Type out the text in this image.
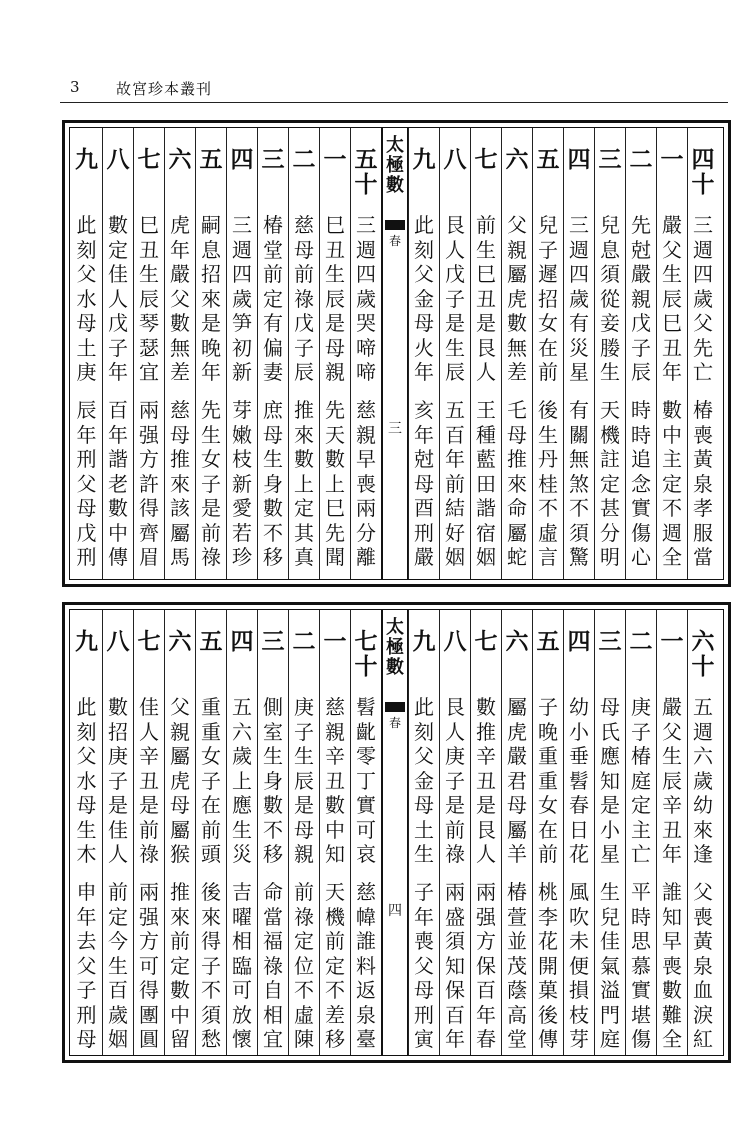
3 故宮珍本叢刊
九
此
刻
父
水
母
土
庚
辰
年
刑
父
母
戊
刑
八
數
定
佳
人
戊
子
年
百
年
諧
老
數
中
傳
七
巳
丑
生
辰
琴
瑟
宜
兩
强
方
許
得
齊
眉
六
虎
年
嚴
父
數
無
差
慈
母
推
來
該
屬
馬
五
嗣
息
招
來
是
晚
年
先
生
女
子
是
前
祿
四
三
週
四
歲
笋
初
新
芽
嫩
枝
新
愛
若
珍
三
椿
堂
前
定
有
偏
妻
庶
母
生
身
數
不
移
二
慈
母
前
祿
戊
子
辰
推
來
數
上
定
其
真
一
巳
丑
生
辰
是
母
親
先
天
數
上
巳
先
聞
五
十
三
週
四
歲
哭
啼
啼
慈
親
早
喪
兩
分
離
太
極
數
春
三
九
此
刻
父
金
母
火
年
亥
年
尅
母
酉
刑
嚴
八
艮
人
戊
子
是
生
辰
五
百
年
前
結
好
姻
七
前
生
巳
丑
是
艮
人
王
種
藍
田
諧
宿
姻
六
父
親
屬
虎
數
無
差
乇
母
推
來
命
屬
蛇
五
兒
子
遲
招
女
在
前
後
生
丹
桂
不
虛
言
四
三
週
四
歲
有
災
星
有
關
無
煞
不
須
驚
三
兒
息
須
從
妾
媵
生
天
機
註
定
甚
分
明
二
先
尅
嚴
親
戊
子
辰
時
時
追
念
實
傷
心
一
嚴
父
生
辰
巳
丑
年
數
中
主
定
不
週
全
四
十
三
週
四
歲
父
先
亡
椿
喪
黃
泉
孝
服
當
九
此
刻
父
水
母
生
木
申
年
去
父
子
刑
母
八
數
招
庚
子
是
佳
人
前
定
今
生
百
歲
姻
七
佳
人
辛
丑
是
前
祿
兩
强
方
可
得
團
圓
六
父
親
屬
虎
母
屬
猴
推
來
前
定
數
中
留
五
重
重
女
子
在
前
頭
後
來
得
子
不
須
愁
四
五
六
歲
上
應
生
災
吉
曜
相
臨
可
放
懷
三
側
室
生
身
數
不
移
命
當
福
祿
自
相
宜
二
庚
子
生
辰
是
母
親
前
祿
定
位
不
虛
陳
一
慈
親
辛
丑
數
中
知
天
機
前
定
不
差
移
七
十
髫
齔
零
丁
實
可
哀
慈
幃
誰
料
返
泉
臺
太
極
數
春
四
九
此
刻
父
金
母
土
生
子
年
喪
父
母
刑
寅
八
艮
人
庚
子
是
前
祿
兩
盛
須
知
保
百
年
七
數
推
辛
丑
是
艮
人
兩
强
方
保
百
年
春
六
屬
虎
嚴
君
母
屬
羊
椿
萱
並
茂
蔭
高
堂
五
子
晚
重
重
女
在
前
桃
李
花
開
菓
後
傳
四
幼
小
垂
髫
春
日
花
風
吹
未
便
損
枝
芽
三
母
氏
應
知
是
小
星
生
兒
佳
氣
溢
門
庭
二
庚
子
椿
庭
定
主
亡
平
時
思
慕
實
堪
傷
一
嚴
父
生
辰
辛
丑
年
誰
知
早
喪
數
難
全
六
十
五
週
六
歲
幼
來
逢
父
喪
黃
泉
血
淚
紅
